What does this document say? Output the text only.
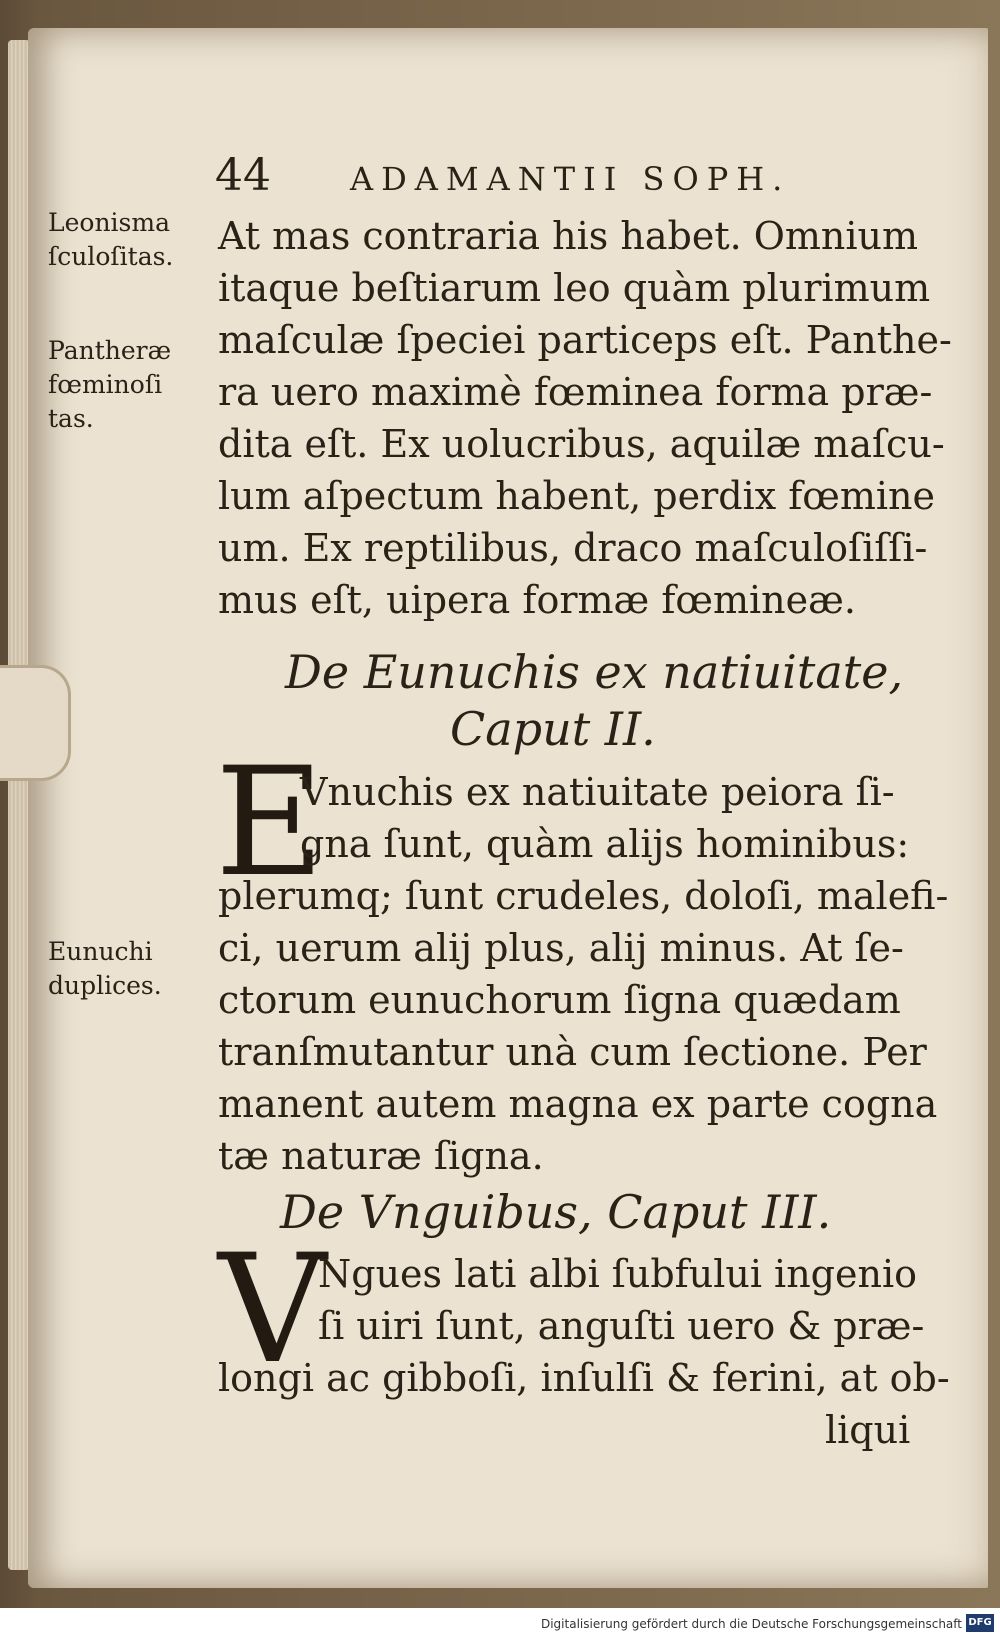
44 ADAMANTII SOPH.
Leonisma
ſculoſitas.
Pantheræ
fœminoſi
tas.
Eunuchi
duplices.
At mas contraria his habet. Omnium
itaque beſtiarum leo quàm plurimum
maſculæ ſpeciei particeps eſt. Panthe-
ra uero maximè fœminea forma præ-
dita eſt. Ex uolucribus, aquilæ maſcu-
lum aſpectum habent, perdix fœmine
um. Ex reptilibus, draco maſculoſiſſi-
mus eſt, uipera formæ fœmineæ.
De Eunuchis ex natiuitate,
Caput II.
E
Vnuchis ex natiuitate peiora ſi-
gna ſunt, quàm alijs hominibus:
plerumq; ſunt crudeles, doloſi, malefi-
ci, uerum alij plus, alij minus. At ſe-
ctorum eunuchorum ſigna quædam
tranſmutantur unà cum ſectione. Per
manent autem magna ex parte cogna
tæ naturæ ſigna.
De Vnguibus, Caput III.
V
Ngues lati albi ſubfului ingenio
ſi uiri ſunt, anguſti uero & præ-
longi ac gibboſi, inſulſi & ferini, at ob-
liqui
Digitalisierung gefördert durch die Deutsche Forschungsgemeinschaft DFG
